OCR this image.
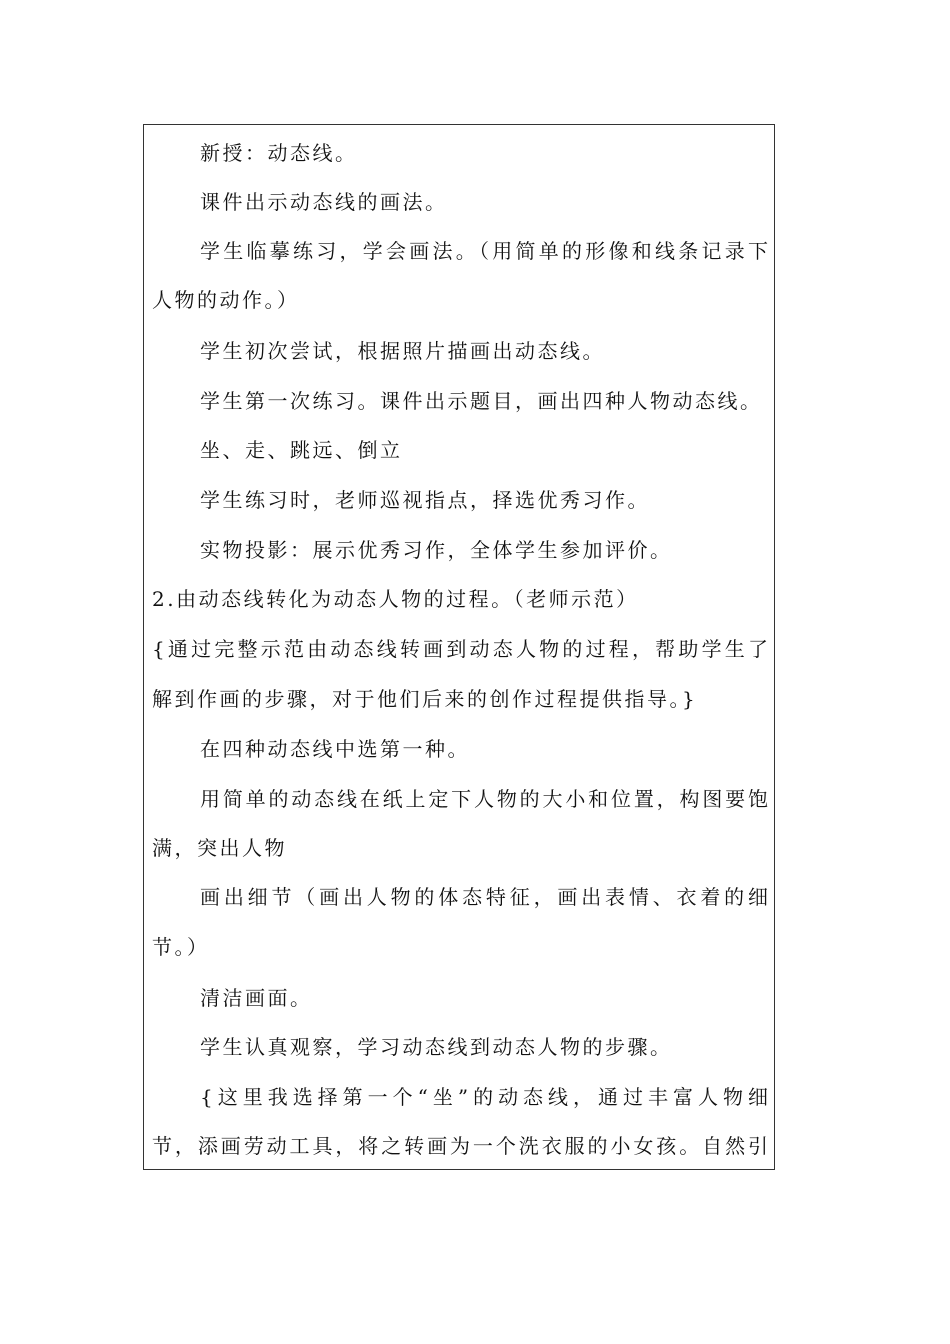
新授：动态线。
课件出示动态线的画法。
学生临摹练习，学会画法。（用简单的形像和线条记录下
人物的动作。）
学生初次尝试，根据照片描画出动态线。
学生第一次练习。课件出示题目，画出四种人物动态线。
坐、走、跳远、倒立
学生练习时，老师巡视指点，择选优秀习作。
实物投影：展示优秀习作，全体学生参加评价。
2.由动态线转化为动态人物的过程。（老师示范）
{通过完整示范由动态线转画到动态人物的过程，帮助学生了
解到作画的步骤，对于他们后来的创作过程提供指导。}
在四种动态线中选第一种。
用简单的动态线在纸上定下人物的大小和位置，构图要饱
满，突出人物
画出细节（画出人物的体态特征，画出表情、衣着的细
节。）
清洁画面。
学生认真观察，学习动态线到动态人物的步骤。
{这里我选择第一个“坐”的动态线，通过丰富人物细
节，添画劳动工具，将之转画为一个洗衣服的小女孩。自然引
